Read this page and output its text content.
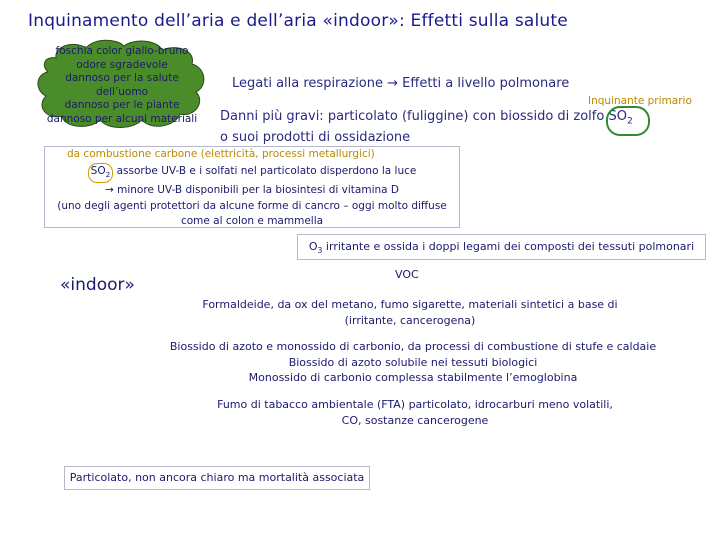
Inquinamento dell’aria e dell’aria «indoor»: Effetti sulla salute
foschia color giallo-bruno
odore sgradevole
dannoso per la salute dell’uomo
dannoso per le piante
dannoso per alcuni materiali
Legati alla respirazione → Effetti a livello polmonare
Inquinante primario
Danni più gravi: particolato (fuliggine) con biossido di zolfo $SO_2$
o suoi prodotti di ossidazione
da combustione carbone (elettricità, processi metallurgici)
$SO_2$ assorbe UV-B e i solfati nel particolato disperdono la luce
→ minore UV-B disponibili per la biosintesi di vitamina D
(uno degli agenti protettori da alcune forme di cancro – oggi molto diffuse
come al colon e mammella
$O_3$ irritante e ossida i doppi legami dei composti dei tessuti polmonari
«indoor»
VOC
Formaldeide, da ox del metano, fumo sigarette, materiali sintetici a base di
(irritante, cancerogena)
Biossido di azoto e monossido di carbonio, da processi di combustione di stufe e caldaie
Biossido di azoto solubile nei tessuti biologici
Monossido di carbonio complessa stabilmente l’emoglobina
Fumo di tabacco ambientale (FTA) particolato, idrocarburi meno volatili,
CO, sostanze cancerogene
Particolato, non ancora chiaro ma mortalità associata
